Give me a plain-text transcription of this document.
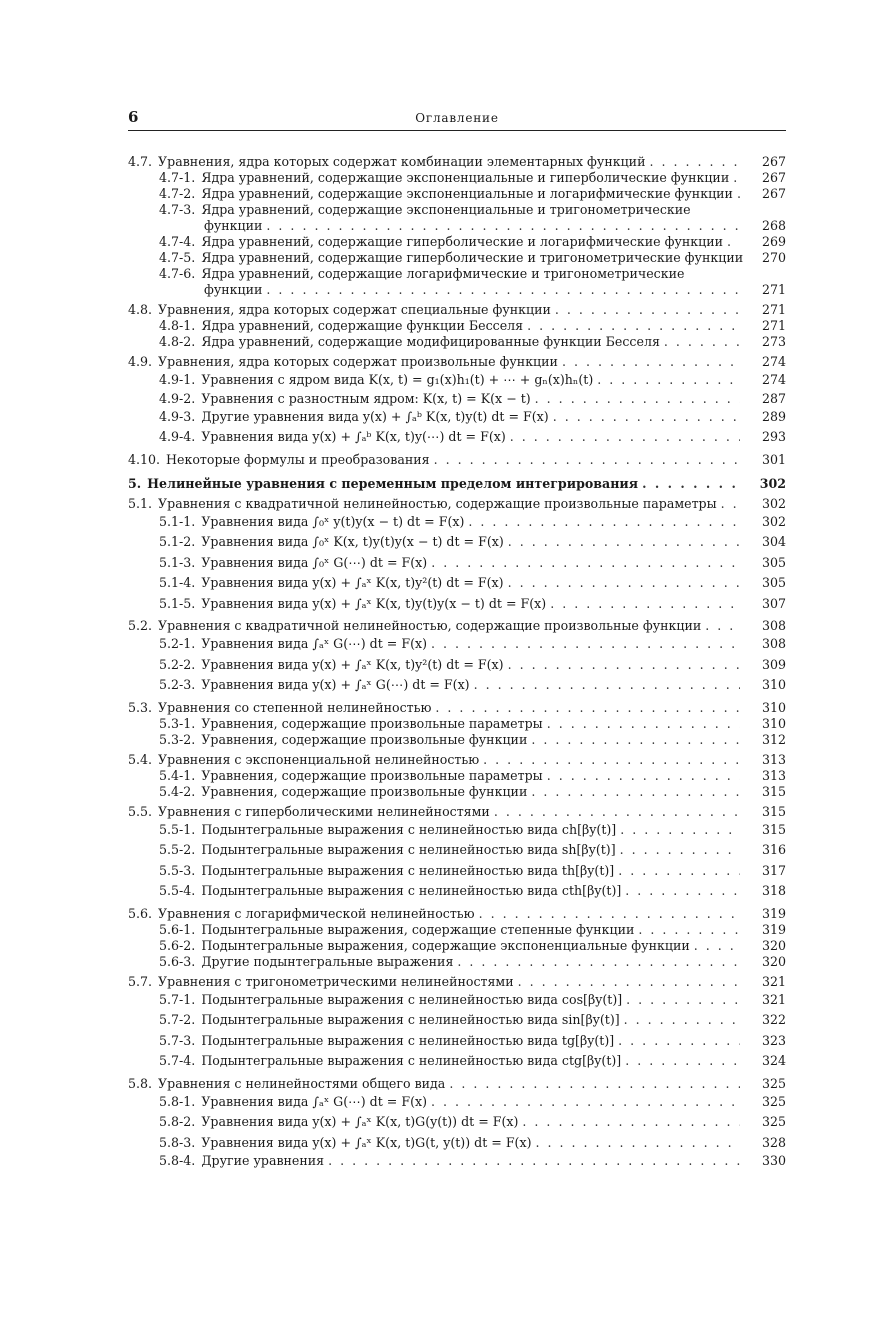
6	Оглавление
4.7. Уравнения, ядра которых содержат комбинации элементарных функций . . .	267
4.7-1. Ядра уравнений, содержащие экспоненциальные и гиперболические функции . . .	267
4.7-2. Ядра уравнений, содержащие экспоненциальные и логарифмические функции . . .	267
4.7-3. Ядра уравнений, содержащие экспоненциальные и тригонометрические
функции . . .	268
4.7-4. Ядра уравнений, содержащие гиперболические и логарифмические функции . . .	269
4.7-5. Ядра уравнений, содержащие гиперболические и тригонометрические функции	270
4.7-6. Ядра уравнений, содержащие логарифмические и тригонометрические
функции . . .	271
4.8. Уравнения, ядра которых содержат специальные функции . . .	271
4.8-1. Ядра уравнений, содержащие функции Бесселя . . .	271
4.8-2. Ядра уравнений, содержащие модифицированные функции Бесселя . . .	273
4.9. Уравнения, ядра которых содержат произвольные функции . . .	274
4.9-1. Уравнения с ядром вида K(x, t) = g₁(x)h₁(t) + ⋯ + gₙ(x)hₙ(t) . . .	274
4.9-2. Уравнения с разностным ядром: K(x, t) = K(x − t) . . .	287
4.9-3. Другие уравнения вида y(x) + ∫ₐᵇ K(x, t)y(t) dt = F(x) . . .	289
4.9-4. Уравнения вида y(x) + ∫ₐᵇ K(x, t)y(⋯) dt = F(x) . . .	293
4.10. Некоторые формулы и преобразования . . .	301
5. Нелинейные уравнения с переменным пределом интегрирования . . .	302
5.1. Уравнения с квадратичной нелинейностью, содержащие произвольные параметры . . .	302
5.1-1. Уравнения вида ∫₀ˣ y(t)y(x − t) dt = F(x) . . .	302
5.1-2. Уравнения вида ∫₀ˣ K(x, t)y(t)y(x − t) dt = F(x) . . .	304
5.1-3. Уравнения вида ∫₀ˣ G(⋯) dt = F(x) . . .	305
5.1-4. Уравнения вида y(x) + ∫ₐˣ K(x, t)y²(t) dt = F(x) . . .	305
5.1-5. Уравнения вида y(x) + ∫ₐˣ K(x, t)y(t)y(x − t) dt = F(x) . . .	307
5.2. Уравнения с квадратичной нелинейностью, содержащие произвольные функции . . .	308
5.2-1. Уравнения вида ∫ₐˣ G(⋯) dt = F(x) . . .	308
5.2-2. Уравнения вида y(x) + ∫ₐˣ K(x, t)y²(t) dt = F(x) . . .	309
5.2-3. Уравнения вида y(x) + ∫ₐˣ G(⋯) dt = F(x) . . .	310
5.3. Уравнения со степенной нелинейностью . . .	310
5.3-1. Уравнения, содержащие произвольные параметры . . .	310
5.3-2. Уравнения, содержащие произвольные функции . . .	312
5.4. Уравнения с экспоненциальной нелинейностью . . .	313
5.4-1. Уравнения, содержащие произвольные параметры . . .	313
5.4-2. Уравнения, содержащие произвольные функции . . .	315
5.5. Уравнения с гиперболическими нелинейностями . . .	315
5.5-1. Подынтегральные выражения с нелинейностью вида ch[βy(t)] . . .	315
5.5-2. Подынтегральные выражения с нелинейностью вида sh[βy(t)] . . .	316
5.5-3. Подынтегральные выражения с нелинейностью вида th[βy(t)] . . .	317
5.5-4. Подынтегральные выражения с нелинейностью вида cth[βy(t)] . . .	318
5.6. Уравнения с логарифмической нелинейностью . . .	319
5.6-1. Подынтегральные выражения, содержащие степенные функции . . .	319
5.6-2. Подынтегральные выражения, содержащие экспоненциальные функции . . .	320
5.6-3. Другие подынтегральные выражения . . .	320
5.7. Уравнения с тригонометрическими нелинейностями . . .	321
5.7-1. Подынтегральные выражения с нелинейностью вида cos[βy(t)] . . .	321
5.7-2. Подынтегральные выражения с нелинейностью вида sin[βy(t)] . . .	322
5.7-3. Подынтегральные выражения с нелинейностью вида tg[βy(t)] . . .	323
5.7-4. Подынтегральные выражения с нелинейностью вида ctg[βy(t)] . . .	324
5.8. Уравнения с нелинейностями общего вида . . .	325
5.8-1. Уравнения вида ∫ₐˣ G(⋯) dt = F(x) . . .	325
5.8-2. Уравнения вида y(x) + ∫ₐˣ K(x, t)G(y(t)) dt = F(x) . . .	325
5.8-3. Уравнения вида y(x) + ∫ₐˣ K(x, t)G(t, y(t)) dt = F(x) . . .	328
5.8-4. Другие уравнения . . .	330
